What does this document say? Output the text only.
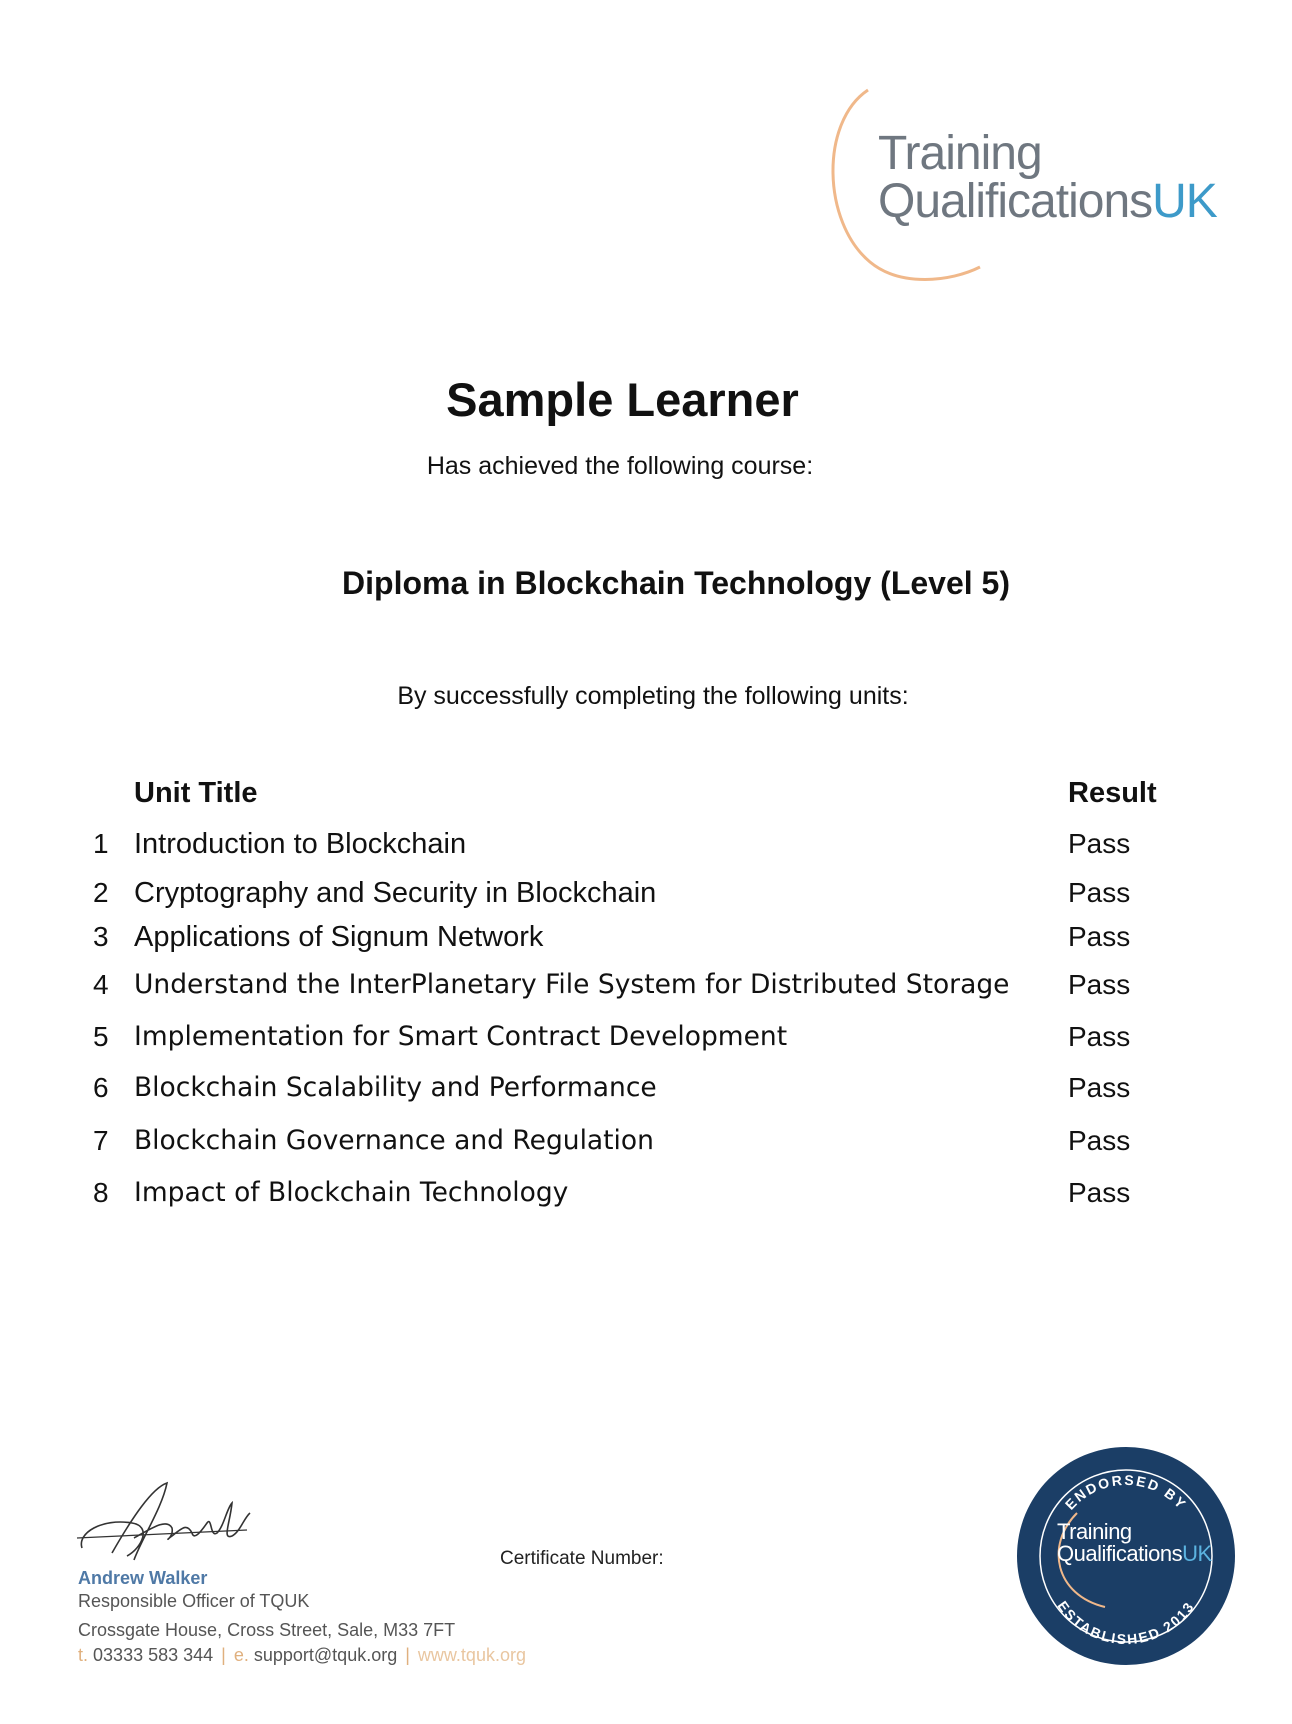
Training
QualificationsUK
Sample Learner
Has achieved the following course:
Diploma in Blockchain Technology (Level 5)
By successfully completing the following units:
Unit Title	Result
1 Introduction to Blockchain	Pass
2 Cryptography and Security in Blockchain	Pass
3 Applications of Signum Network	Pass
4 Understand the InterPlanetary File System for Distributed Storage Pass
5 Implementation for Smart Contract Development	Pass
6 Blockchain Scalability and Performance	Pass
7 Blockchain Governance and Regulation	Pass
8 Impact of Blockchain Technology	Pass
Andrew Walker
Responsible Officer of TQUK
Crossgate House, Cross Street, Sale, M33 7FT
t. 03333 583 344 | e. support@tquk.org | www.tquk.org
Certificate Number:
ENDORSED BY
ESTABLISHED 2013
Training
QualificationsUK
